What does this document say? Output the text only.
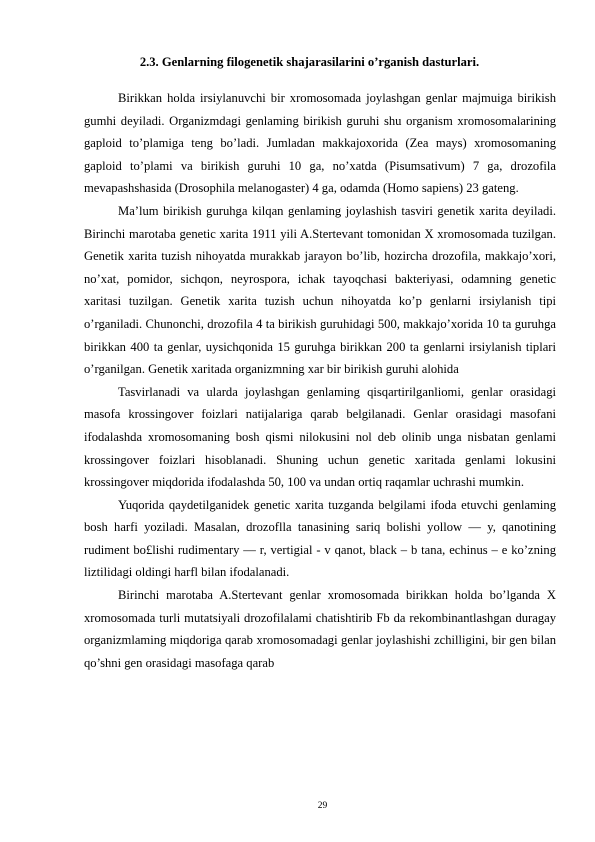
2.3. Genlarning filogenetik shajarasilarini o’rganish dasturlari.

Birikkan holda irsiylanuvchi bir xromosomada joylashgan genlar majmuiga birikish gumhi deyiladi. Organizmdagi genlaming birikish guruhi shu organism xromosomalarining gaploid to’plamiga teng bo’ladi. Jumladan makkajoxorida (Zea mays) xromosomaning gaploid to’plami va birikish guruhi 10 ga, no’xatda (Pisumsativum) 7 ga, drozofila mevapashshasida (Drosophila melanogaster) 4 ga, odamda (Homo sapiens) 23 gateng.

Ma’lum birikish guruhga kilqan genlaming joylashish tasviri genetik xarita deyiladi. Birinchi marotaba genetic xarita 1911 yili A.Stertevant tomonidan X xromosomada tuzilgan. Genetik xarita tuzish nihoyatda murakkab jarayon bo’lib, hozircha drozofila, makkajo’xori, no’xat, pomidor, sichqon, neyrospora, ichak tayoqchasi bakteriyasi, odamning genetic xaritasi tuzilgan. Genetik xarita tuzish uchun nihoyatda ko’p genlarni irsiylanish tipi o’rganiladi. Chunonchi, drozofila 4 ta birikish guruhidagi 500, makkajo’xorida 10 ta guruhga birikkan 400 ta genlar, uysichqonida 15 guruhga birikkan 200 ta genlarni irsiylanish tiplari o’rganilgan. Genetik xaritada organizmning xar bir birikish guruhi alohida

Tasvirlanadi va ularda joylashgan genlaming qisqartirilganliomi, genlar orasidagi masofa krossingover foizlari natijalariga qarab belgilanadi. Genlar orasidagi masofani ifodalashda xromosomaning bosh qismi nilokusini nol deb olinib unga nisbatan genlami krossingover foizlari hisoblanadi. Shuning uchun genetic xaritada genlami lokusini krossingover miqdorida ifodalashda 50, 100 va undan ortiq raqamlar uchrashi mumkin.

Yuqorida qaydetilganidek genetic xarita tuzganda belgilami ifoda etuvchi genlaming bosh harfi yoziladi. Masalan, drozoflla tanasining sariq bolishi yollow — y, qanotining rudiment bo£lishi rudimentary — r, vertigial - v qanot, black – b tana, echinus – e ko’zning liztilidagi oldingi harfl bilan ifodalanadi.

Birinchi marotaba A.Stertevant genlar xromosomada birikkan holda bo’lganda X xromosomada turli mutatsiyali drozofilalami chatishtirib Fb da rekombinantlashgan duragay organizmlaming miqdoriga qarab xromosomadagi genlar joylashishi zchilligini, bir gen bilan qo’shni gen orasidagi masofaga qarab

29
